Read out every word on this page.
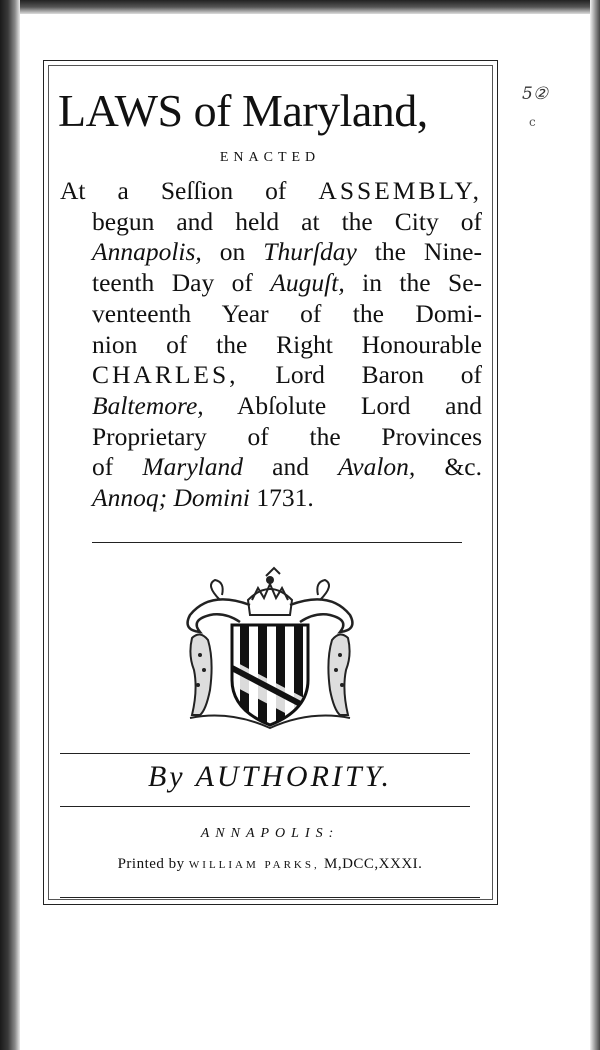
5②
c
LAWS of Maryland,
ENACTED
At a Seſſion of ASSEMBLY,
begun and held at the City of
Annapolis, on Thurſday the Nine-
teenth Day of Auguſt, in the Se-
venteenth Year of the Domi-
nion of the Right Honourable
CHARLES, Lord Baron of
Baltemore, Abſolute Lord and
Proprietary of the Provinces
of Maryland and Avalon, &c.
Annoq; Domini 1731.
By AUTHORITY.
ANNAPOLIS:
Printed by WILLIAM PARKS, M,DCC,XXXI.
